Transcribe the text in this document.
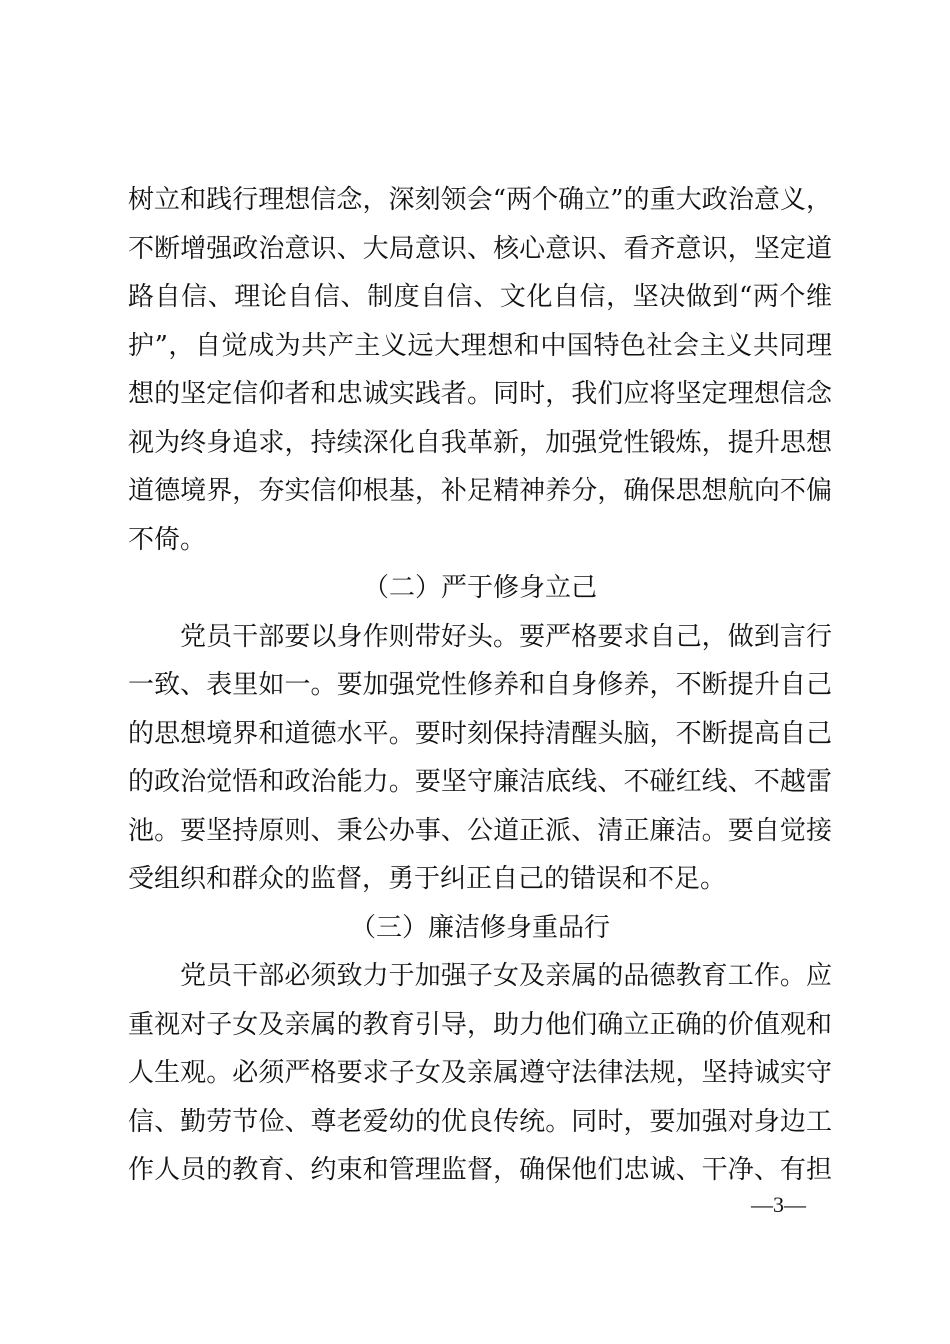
树立和践行理想信念，深刻领会“两个确立”的重大政治意义，
不断增强政治意识、大局意识、核心意识、看齐意识，坚定道
路自信、理论自信、制度自信、文化自信，坚决做到“两个维
护”，自觉成为共产主义远大理想和中国特色社会主义共同理
想的坚定信仰者和忠诚实践者。同时，我们应将坚定理想信念
视为终身追求，持续深化自我革新，加强党性锻炼，提升思想
道德境界，夯实信仰根基，补足精神养分，确保思想航向不偏
不倚。
（二）严于修身立己
党员干部要以身作则带好头。要严格要求自己，做到言行
一致、表里如一。要加强党性修养和自身修养，不断提升自己
的思想境界和道德水平。要时刻保持清醒头脑，不断提高自己
的政治觉悟和政治能力。要坚守廉洁底线、不碰红线、不越雷
池。要坚持原则、秉公办事、公道正派、清正廉洁。要自觉接
受组织和群众的监督，勇于纠正自己的错误和不足。
（三）廉洁修身重品行
党员干部必须致力于加强子女及亲属的品德教育工作。应
重视对子女及亲属的教育引导，助力他们确立正确的价值观和
人生观。必须严格要求子女及亲属遵守法律法规，坚持诚实守
信、勤劳节俭、尊老爱幼的优良传统。同时，要加强对身边工
作人员的教育、约束和管理监督，确保他们忠诚、干净、有担
—3—
